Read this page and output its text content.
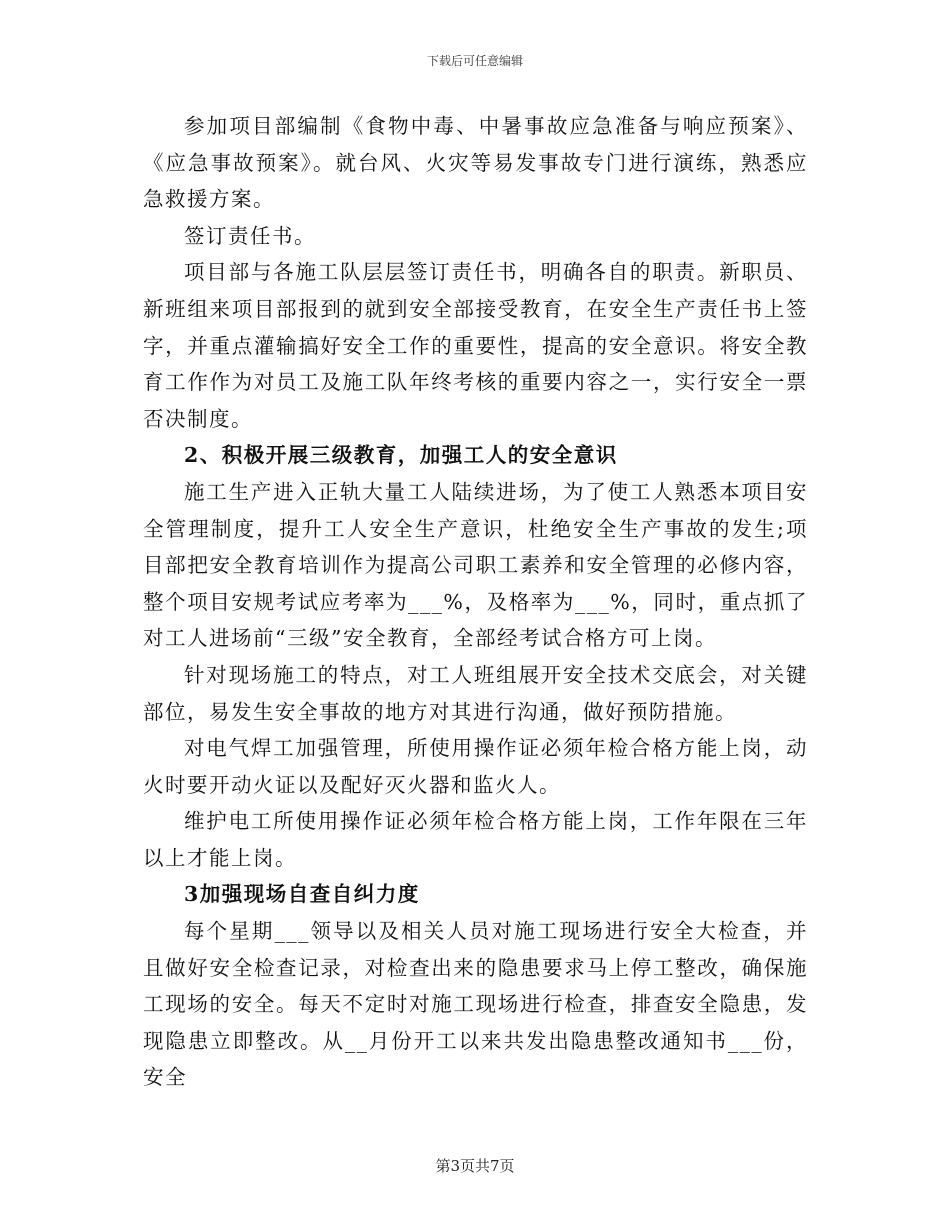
下载后可任意编辑

参加项目部编制《食物中毒、中暑事故应急准备与响应预案》、《应急事故预案》。就台风、火灾等易发事故专门进行演练，熟悉应急救援方案。

签订责任书。

项目部与各施工队层层签订责任书，明确各自的职责。新职员、新班组来项目部报到的就到安全部接受教育，在安全生产责任书上签字，并重点灌输搞好安全工作的重要性，提高的安全意识。将安全教育工作作为对员工及施工队年终考核的重要内容之一，实行安全一票否决制度。

2、积极开展三级教育，加强工人的安全意识

施工生产进入正轨大量工人陆续进场，为了使工人熟悉本项目安全管理制度，提升工人安全生产意识，杜绝安全生产事故的发生;项目部把安全教育培训作为提高公司职工素养和安全管理的必修内容，整个项目安规考试应考率为___%，及格率为___%，同时，重点抓了对工人进场前“三级”安全教育，全部经考试合格方可上岗。

针对现场施工的特点，对工人班组展开安全技术交底会，对关键部位，易发生安全事故的地方对其进行沟通，做好预防措施。

对电气焊工加强管理，所使用操作证必须年检合格方能上岗，动火时要开动火证以及配好灭火器和监火人。

维护电工所使用操作证必须年检合格方能上岗，工作年限在三年以上才能上岗。

3加强现场自查自纠力度

每个星期___领导以及相关人员对施工现场进行安全大检查，并且做好安全检查记录，对检查出来的隐患要求马上停工整改，确保施工现场的安全。每天不定时对施工现场进行检查，排查安全隐患，发现隐患立即整改。从__月份开工以来共发出隐患整改通知书___份，安全

第3页共7页
